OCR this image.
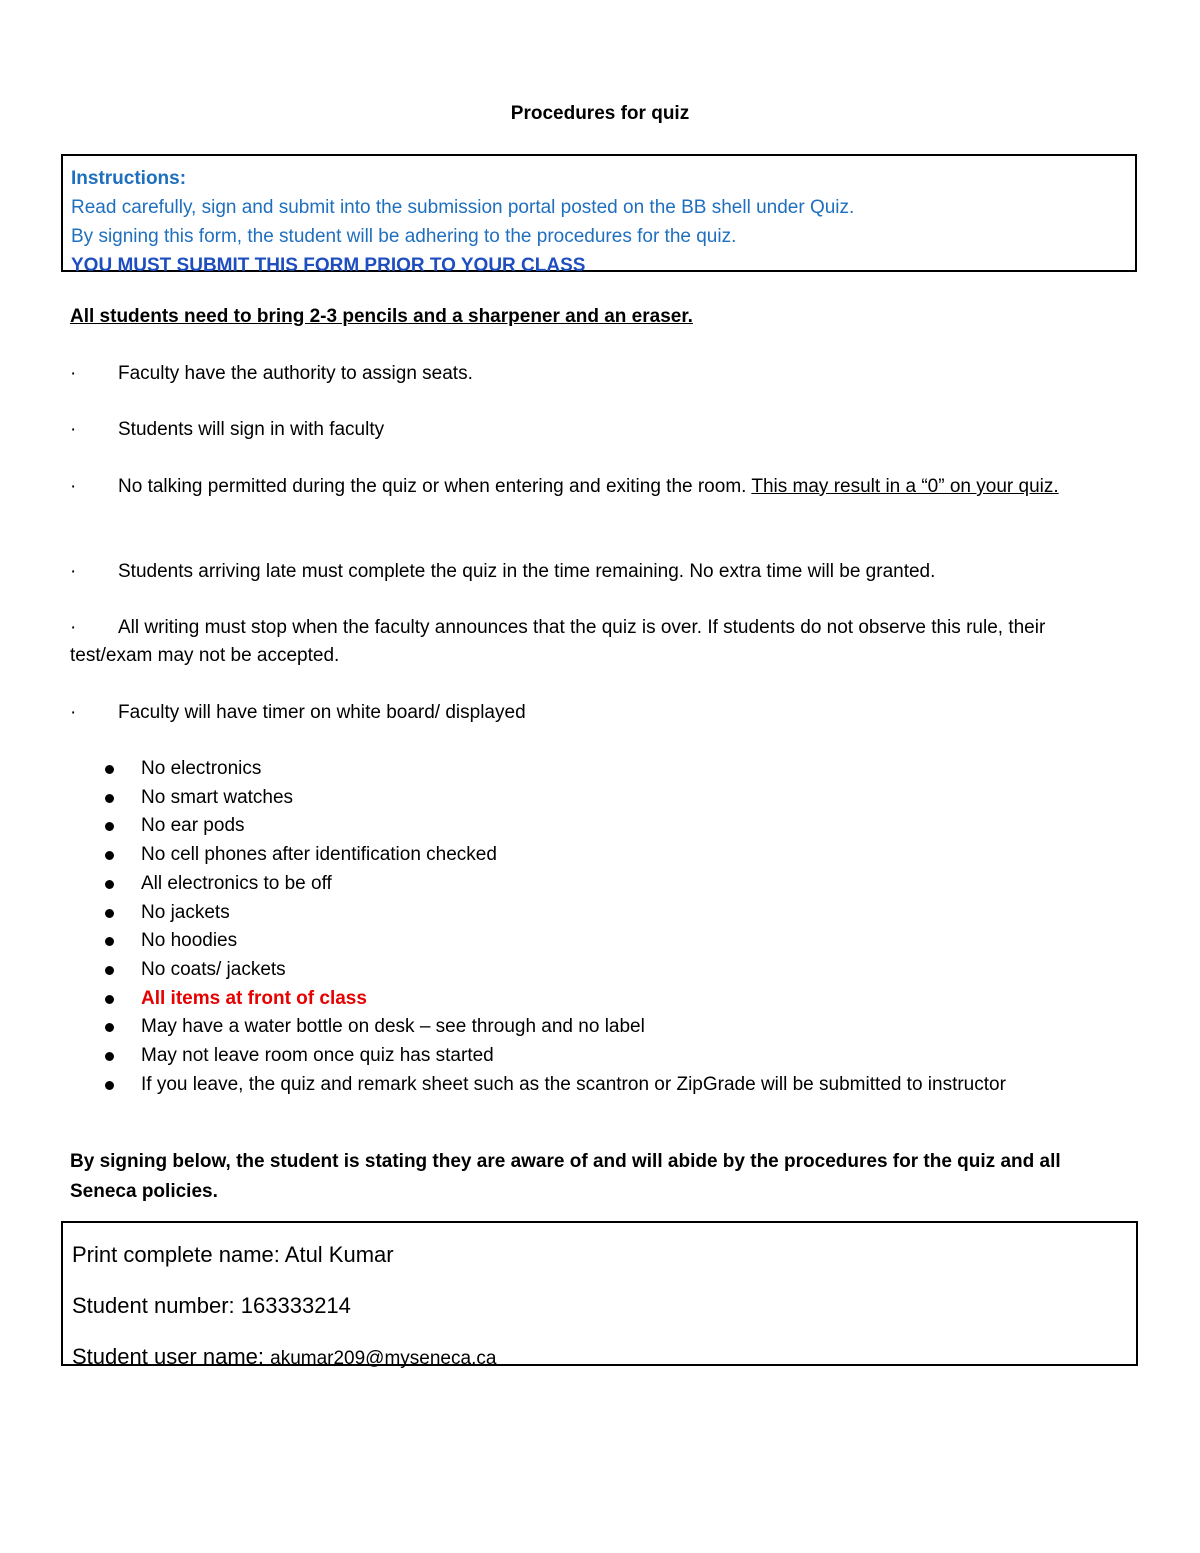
Procedures for quiz
Instructions:
Read carefully, sign and submit into the submission portal posted on the BB shell under Quiz.
By signing this form, the student will be adhering to the procedures for the quiz.
YOU MUST SUBMIT THIS FORM PRIOR TO YOUR CLASS
All students need to bring 2-3 pencils and a sharpener and an eraser.
· Faculty have the authority to assign seats.
· Students will sign in with faculty
· No talking permitted during the quiz or when entering and exiting the room. This may result in a “0” on your quiz.
· Students arriving late must complete the quiz in the time remaining. No extra time will be granted.
· All writing must stop when the faculty announces that the quiz is over. If students do not observe this rule, their test/exam may not be accepted.
· Faculty will have timer on white board/ displayed
No electronics
No smart watches
No ear pods
No cell phones after identification checked
All electronics to be off
No jackets
No hoodies
No coats/ jackets
All items at front of class
May have a water bottle on desk – see through and no label
May not leave room once quiz has started
If you leave, the quiz and remark sheet such as the scantron or ZipGrade will be submitted to instructor
By signing below, the student is stating they are aware of and will abide by the procedures for the quiz and all Seneca policies.
Print complete name: Atul Kumar
Student number: 163333214
Student user name: akumar209@myseneca.ca
